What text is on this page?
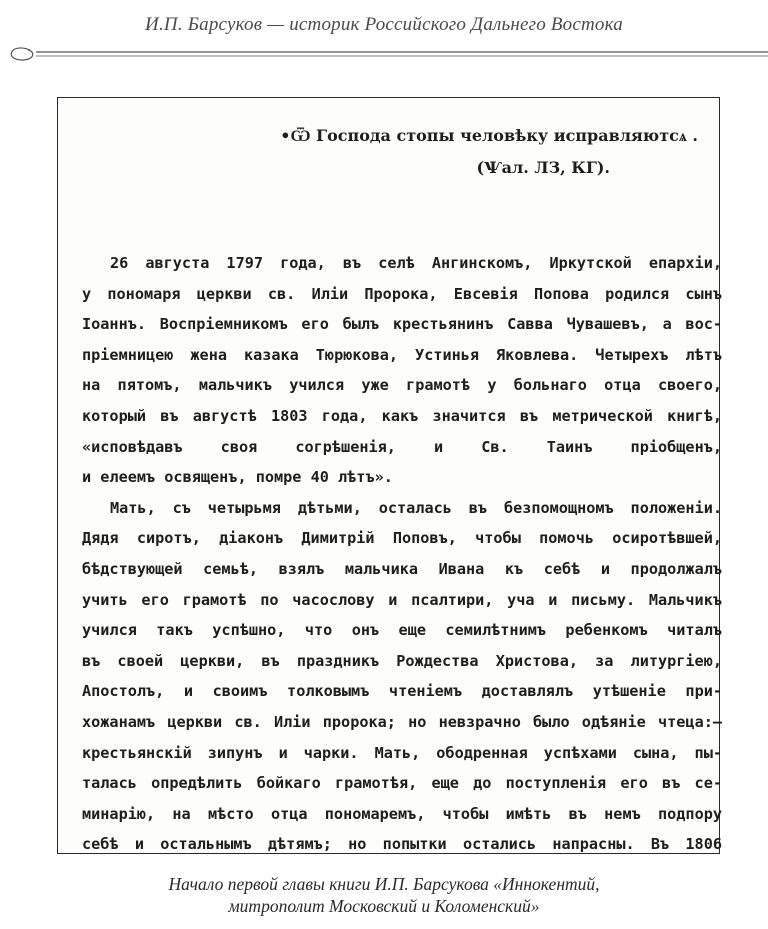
И.П. Барсуков — историк Российского Дальнего Востока
•Ѿ Господа стопы человѣку исправляютсѧ .
(Ѱал. ЛЗ, КГ).
26 августа 1797 года, въ селѣ Ангинскомъ, Иркутской епархіи,
у пономаря церкви св. Иліи Пророка, Евсевія Попова родился сынъ
Іоаннъ. Воспріемникомъ его былъ крестьянинъ Савва Чувашевъ, а вос-
пріемницею жена казака Тюрюкова, Устинья Яковлева. Четырехъ лѣтъ
на пятомъ, мальчикъ учился уже грамотѣ у больнаго отца своего,
который въ августѣ 1803 года, какъ значится въ метрической книгѣ,
«исповѣдавъ своя согрѣшенія, и Св. Таинъ пріобщенъ,
и елеемъ освященъ, помре 40 лѣтъ».
Мать, съ четырьмя дѣтьми, осталась въ безпомощномъ положеніи.
Дядя сиротъ, діаконъ Димитрій Поповъ, чтобы помочь осиротѣвшей,
бѣдствующей семьѣ, взялъ мальчика Ивана къ себѣ и продолжалъ
учить его грамотѣ по часослову и псалтири, уча и письму. Мальчикъ
учился такъ успѣшно, что онъ еще семилѣтнимъ ребенкомъ читалъ
въ своей церкви, въ праздникъ Рождества Христова, за литургіею,
Апостолъ, и своимъ толковымъ чтеніемъ доставлялъ утѣшеніе при-
хожанамъ церкви св. Иліи пророка; но невзрачно было одѣяніе чтеца:—
крестьянскій зипунъ и чарки. Мать, ободренная успѣхами сына, пы-
талась опредѣлить бойкаго грамотѣя, еще до поступленія его въ се-
минарію, на мѣсто отца пономаремъ, чтобы имѣть въ немъ подпору
себѣ и остальнымъ дѣтямъ; но попытки остались напрасны. Въ 1806
Начало первой главы книги И.П. Барсукова «Иннокентий,
митрополит Московский и Коломенский»
